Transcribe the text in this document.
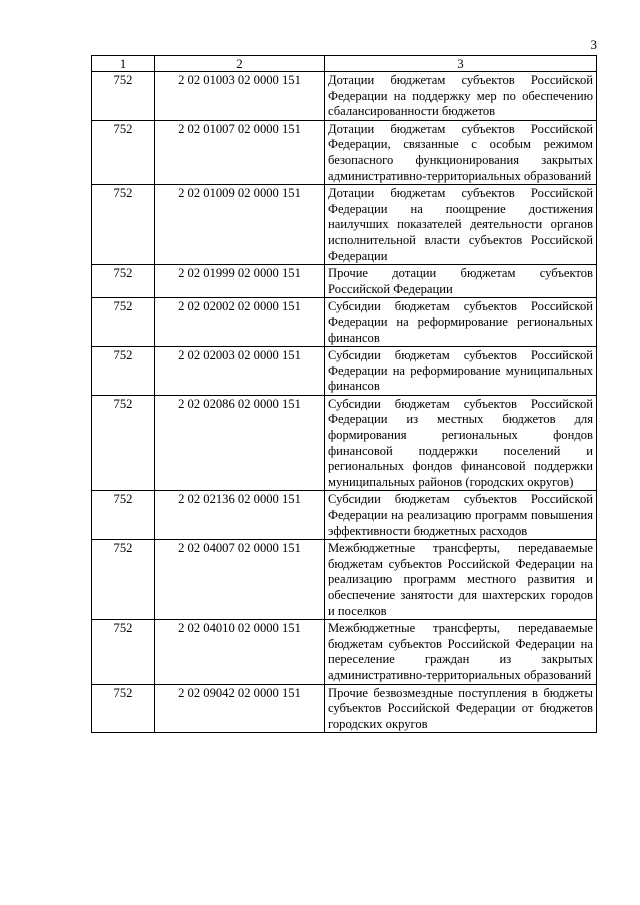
3
1	2	3
752	2 02 01003 02 0000 151	Дотации бюджетам субъектов Российской Федерации на поддержку мер по обеспечению сбалансированности бюджетов
752	2 02 01007 02 0000 151	Дотации бюджетам субъектов Российской Федерации, связанные с особым режимом безопасного функционирования закрытых административно-территориальных образований
752	2 02 01009 02 0000 151	Дотации бюджетам субъектов Российской Федерации на поощрение достижения наилучших показателей деятельности органов исполнительной власти субъектов Российской Федерации
752	2 02 01999 02 0000 151	Прочие дотации бюджетам субъектов Российской Федерации
752	2 02 02002 02 0000 151	Субсидии бюджетам субъектов Российской Федерации на реформирование региональных финансов
752	2 02 02003 02 0000 151	Субсидии бюджетам субъектов Российской Федерации на реформирование муниципальных финансов
752	2 02 02086 02 0000 151	Субсидии бюджетам субъектов Российской Федерации из местных бюджетов для формирования региональных фондов финансовой поддержки поселений и региональных фондов финансовой поддержки муниципальных районов (городских округов)
752	2 02 02136 02 0000 151	Субсидии бюджетам субъектов Российской Федерации на реализацию программ повышения эффективности бюджетных расходов
752	2 02 04007 02 0000 151	Межбюджетные трансферты, передаваемые бюджетам субъектов Российской Федерации на реализацию программ местного развития и обеспечение занятости для шахтерских городов и поселков
752	2 02 04010 02 0000 151	Межбюджетные трансферты, передаваемые бюджетам субъектов Российской Федерации на переселение граждан из закрытых административно-территориальных образований
752	2 02 09042 02 0000 151	Прочие безвозмездные поступления в бюджеты субъектов Российской Федерации от бюджетов городских округов
